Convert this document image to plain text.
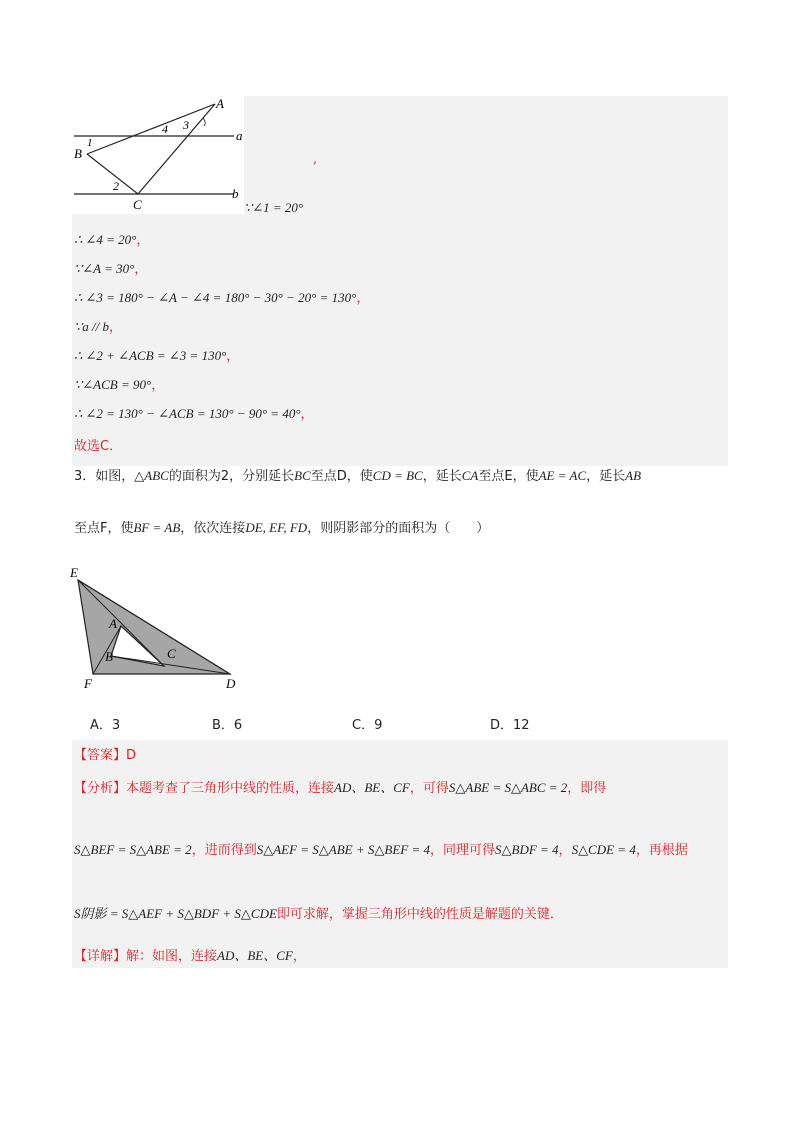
A
B
C
a
b
1
2
3
4
,
∵∠1 = 20°
∴ ∠4 = 20°，
∵∠A = 30°，
∴ ∠3 = 180° − ∠A − ∠4 = 180° − 30° − 20° = 130°，
∵a // b，
∴ ∠2 + ∠ACB = ∠3 = 130°，
∵∠ACB = 90°，
∴ ∠2 = 130° − ∠ACB = 130° − 90° = 40°，
故选C．
3．如图，△ABC的面积为2，分别延长BC至点D，使CD = BC，延长CA至点E，使AE = AC，延长AB
至点F，使BF = AB，依次连接DE, EF, FD，则阴影部分的面积为（　　）
E
A
B	C
F	D
A．3	B．6	C．9	D．12
【答案】D
【分析】本题考查了三角形中线的性质，连接AD、BE、CF，可得S△ABE = S△ABC = 2，即得
S△BEF = S△ABE = 2，进而得到S△AEF = S△ABE + S△BEF = 4，同理可得S△BDF = 4，S△CDE = 4，再根据
S阴影 = S△AEF + S△BDF + S△CDE即可求解，掌握三角形中线的性质是解题的关键．
【详解】解：如图，连接AD、BE、CF，
